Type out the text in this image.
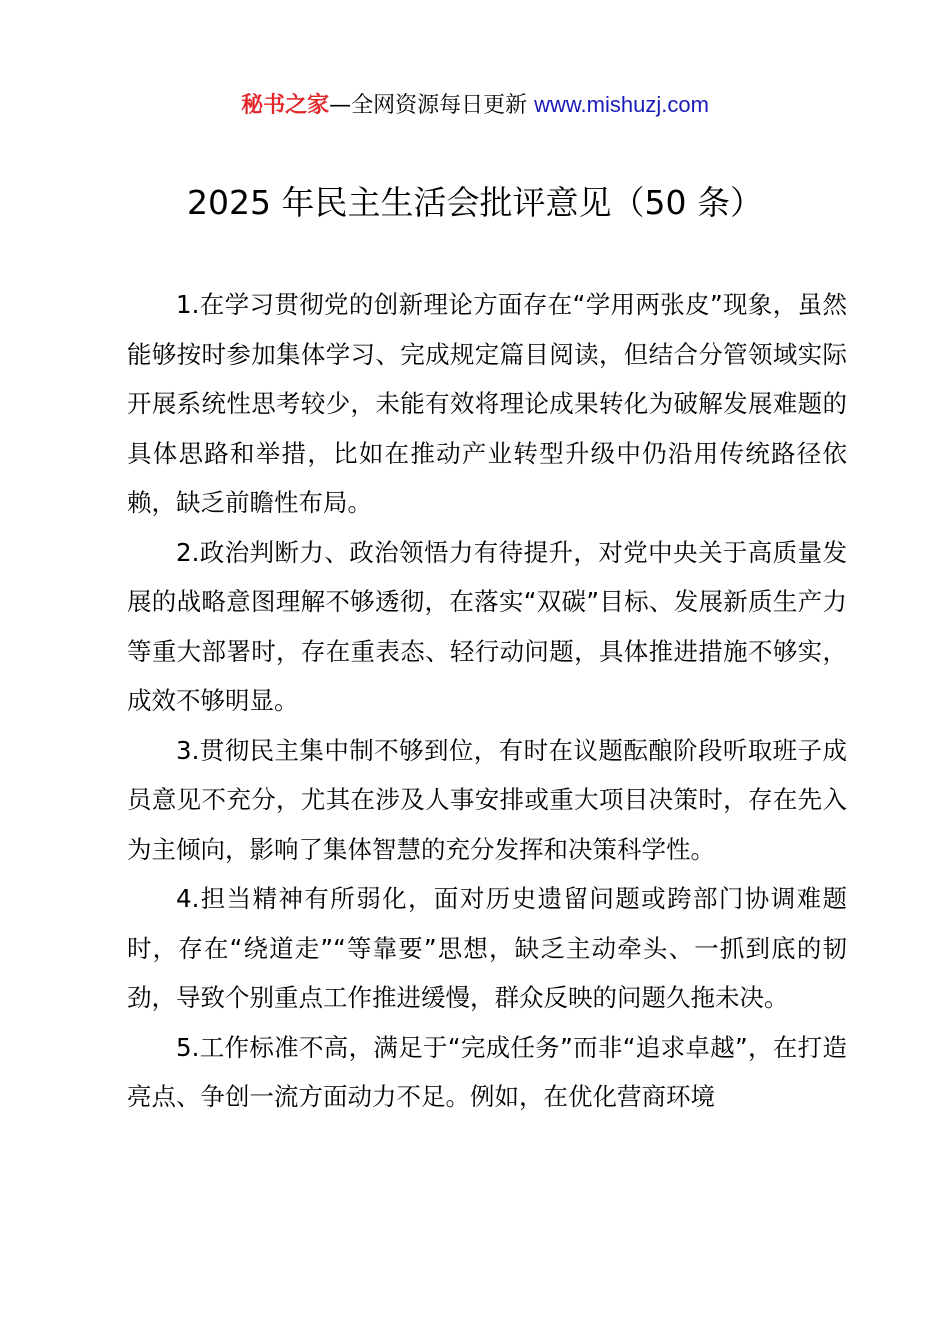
秘书之家—全网资源每日更新 www.mishuzj.com
2025 年民主生活会批评意见（50 条）

1.在学习贯彻党的创新理论方面存在“学用两张皮”现象，虽然能够按时参加集体学习、完成规定篇目阅读，但结合分管领域实际开展系统性思考较少，未能有效将理论成果转化为破解发展难题的具体思路和举措，比如在推动产业转型升级中仍沿用传统路径依赖，缺乏前瞻性布局。

2.政治判断力、政治领悟力有待提升，对党中央关于高质量发展的战略意图理解不够透彻，在落实“双碳”目标、发展新质生产力等重大部署时，存在重表态、轻行动问题，具体推进措施不够实，成效不够明显。

3.贯彻民主集中制不够到位，有时在议题酝酿阶段听取班子成员意见不充分，尤其在涉及人事安排或重大项目决策时，存在先入为主倾向，影响了集体智慧的充分发挥和决策科学性。

4.担当精神有所弱化，面对历史遗留问题或跨部门协调难题时，存在“绕道走”“等靠要”思想，缺乏主动牵头、一抓到底的韧劲，导致个别重点工作推进缓慢，群众反映的问题久拖未决。

5.工作标准不高，满足于“完成任务”而非“追求卓越”，在打造亮点、争创一流方面动力不足。例如，在优化营商环境
